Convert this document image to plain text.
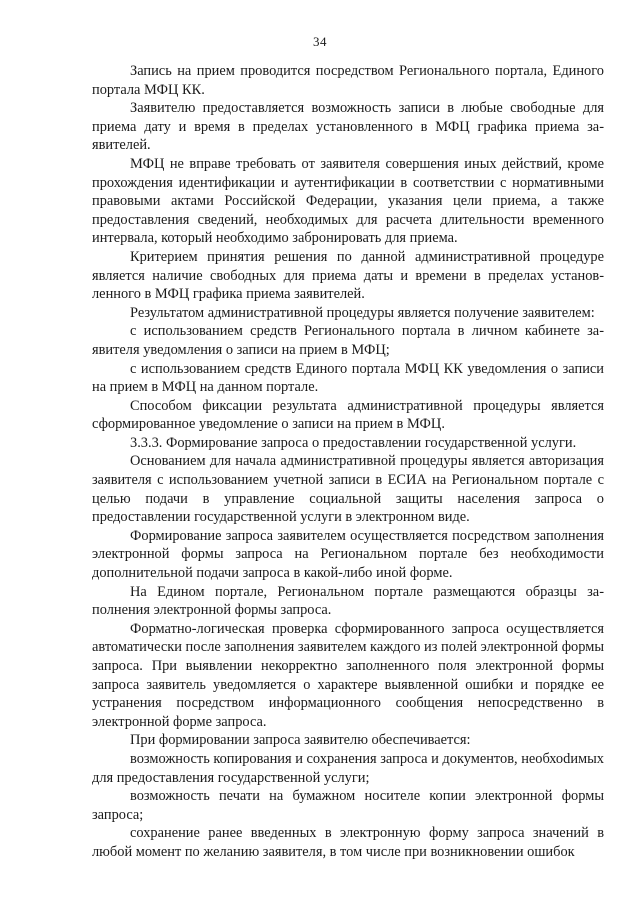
34

Запись на прием проводится посредством Регионального портала, Единого портала МФЦ КК.

Заявителю предоставляется возможность записи в любые свободные для приема дату и время в пределах установленного в МФЦ графика приема заявителей.

МФЦ не вправе требовать от заявителя совершения иных действий, кроме прохождения идентификации и аутентификации в соответствии с нормативными правовыми актами Российской Федерации, указания цели приема, а также предоставления сведений, необходимых для расчета длительности временного интервала, который необходимо забронировать для приема.

Критерием принятия решения по данной административной процедуре является наличие свободных для приема даты и времени в пределах установленного в МФЦ графика приема заявителей.

Результатом административной процедуры является получение заявителем:

с использованием средств Регионального портала в личном кабинете заявителя уведомления о записи на прием в МФЦ;

с использованием средств Единого портала МФЦ КК уведомления о записи на прием в МФЦ на данном портале.

Способом фиксации результата административной процедуры является сформированное уведомление о записи на прием в МФЦ.

3.3.3. Формирование запроса о предоставлении государственной услуги.

Основанием для начала административной процедуры является авторизация заявителя с использованием учетной записи в ЕСИА на Региональном портале с целью подачи в управление социальной защиты населения запроса о предоставлении государственной услуги в электронном виде.

Формирование запроса заявителем осуществляется посредством заполнения электронной формы запроса на Региональном портале без необходимости дополнительной подачи запроса в какой-либо иной форме.

На Едином портале, Региональном портале размещаются образцы заполнения электронной формы запроса.

Форматно-логическая проверка сформированного запроса осуществляется автоматически после заполнения заявителем каждого из полей электронной формы запроса. При выявлении некорректно заполненного поля электронной формы запроса заявитель уведомляется о характере выявленной ошибки и порядке ее устранения посредством информационного сообщения непосредственно в электронной форме запроса.

При формировании запроса заявителю обеспечивается:

возможность копирования и сохранения запроса и документов, необхоdимых для предоставления государственной услуги;

возможность печати на бумажном носителе копии электронной формы запроса;

сохранение ранее введенных в электронную форму запроса значений в любой момент по желанию заявителя, в том числе при возникновении ошибок
